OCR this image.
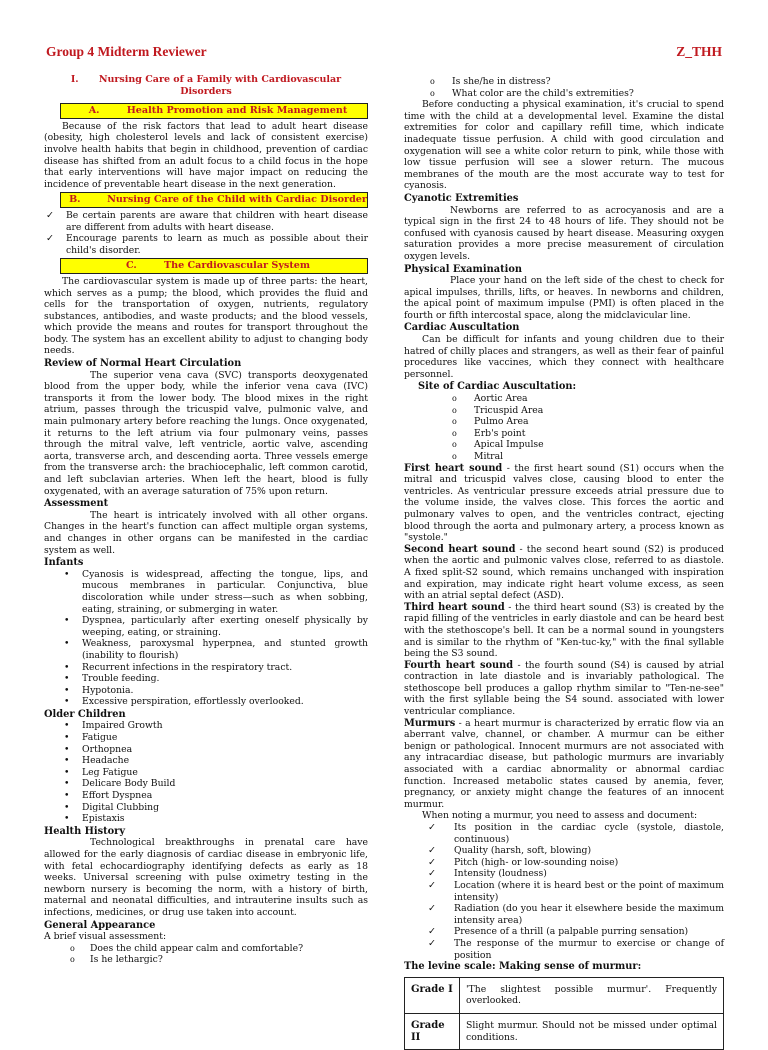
Group 4 Midterm Reviewer	Z_THH

I. Nursing Care of a Family with Cardiovascular Disorders

A.	Health Promotion and Risk Management

Because of the risk factors that lead to adult heart disease (obesity, high cholesterol levels and lack of consistent exercise) involve health habits that begin in childhood, prevention of cardiac disease has shifted from an adult focus to a child focus in the hope that early interventions will have major impact on reducing the incidence of preventable heart disease in the next generation.

B.	Nursing Care of the Child with Cardiac Disorder
✓ Be certain parents are aware that children with heart disease are different from adults with heart disease.
✓ Encourage parents to learn as much as possible about their child's disorder.
C.	The Cardiovascular System

The cardiovascular system is made up of three parts: the heart, which serves as a pump; the blood, which provides the fluid and cells for the transportation of oxygen, nutrients, regulatory substances, antibodies, and waste products; and the blood vessels, which provide the means and routes for transport throughout the body. The system has an excellent ability to adjust to changing body needs.

Review of Normal Heart Circulation

The superior vena cava (SVC) transports deoxygenated blood from the upper body, while the inferior vena cava (IVC) transports it from the lower body. The blood mixes in the right atrium, passes through the tricuspid valve, pulmonic valve, and main pulmonary artery before reaching the lungs. Once oxygenated, it returns to the left atrium via four pulmonary veins, passes through the mitral valve, left ventricle, aortic valve, ascending aorta, transverse arch, and descending aorta. Three vessels emerge from the transverse arch: the brachiocephalic, left common carotid, and left subclavian arteries. When left the heart, blood is fully oxygenated, with an average saturation of 75% upon return.

Assessment

The heart is intricately involved with all other organs. Changes in the heart's function can affect multiple organ systems, and changes in other organs can be manifested in the cardiac system as well.

Infants

• Cyanosis is widespread, affecting the tongue, lips, and mucous membranes in particular. Conjunctiva, blue discoloration while under stress—such as when sobbing, eating, straining, or submerging in water.
• Dyspnea, particularly after exerting oneself physically by weeping, eating, or straining.
• Weakness, paroxysmal hyperpnea, and stunted growth (inability to flourish)
• Recurrent infections in the respiratory tract.
• Trouble feeding.
• Hypotonia.
• Excessive perspiration, effortlessly overlooked.

Older Children

• Impaired Growth
• Fatigue
• Orthopnea
• Headache
• Leg Fatigue
• Delicare Body Build
• Effort Dyspnea
• Digital Clubbing
• Epistaxis

Health History

Technological breakthroughs in prenatal care have allowed for the early diagnosis of cardiac disease in embryonic life, with fetal echocardiography identifying defects as early as 18 weeks. Universal screening with pulse oximetry testing in the newborn nursery is becoming the norm, with a history of birth, maternal and neonatal difficulties, and intrauterine insults such as infections, medicines, or drug use taken into account.

General Appearance

A brief visual assessment:

o Does the child appear calm and comfortable?
o Is he lethargic?
o Is she/he in distress?
o What color are the child's extremities?

Before conducting a physical examination, it's crucial to spend time with the child at a developmental level. Examine the distal extremities for color and capillary refill time, which indicate inadequate tissue perfusion. A child with good circulation and oxygenation will see a white color return to pink, while those with low tissue perfusion will see a slower return. The mucous membranes of the mouth are the most accurate way to test for cyanosis.

Cyanotic Extremities

Newborns are referred to as acrocyanosis and are a typical sign in the first 24 to 48 hours of life. They should not be confused with cyanosis caused by heart disease. Measuring oxygen saturation provides a more precise measurement of circulation oxygen levels.

Physical Examination

Place your hand on the left side of the chest to check for apical impulses, thrills, lifts, or heaves. In newborns and children, the apical point of maximum impulse (PMI) is often placed in the fourth or fifth intercostal space, along the midclavicular line.

Cardiac Auscultation

Can be difficult for infants and young children due to their hatred of chilly places and strangers, as well as their fear of painful procedures like vaccines, which they connect with healthcare personnel.

Site of Cardiac Auscultation:

o Aortic Area
o Tricuspid Area
o Pulmo Area
o Erb's point
o Apical Impulse
o Mitral

First heart sound - the first heart sound (S1) occurs when the mitral and tricuspid valves close, causing blood to enter the ventricles. As ventricular pressure exceeds atrial pressure due to the volume inside, the valves close. This forces the aortic and pulmonary valves to open, and the ventricles contract, ejecting blood through the aorta and pulmonary artery, a process known as "systole."

Second heart sound - the second heart sound (S2) is produced when the aortic and pulmonic valves close, referred to as diastole. A fixed split-S2 sound, which remains unchanged with inspiration and expiration, may indicate right heart volume excess, as seen with an atrial septal defect (ASD).

Third heart sound - the third heart sound (S3) is created by the rapid filling of the ventricles in early diastole and can be heard best with the stethoscope's bell. It can be a normal sound in youngsters and is similar to the rhythm of "Ken-tuc-ky," with the final syllable being the S3 sound.

Fourth heart sound - the fourth sound (S4) is caused by atrial contraction in late diastole and is invariably pathological. The stethoscope bell produces a gallop rhythm similar to "Ten-ne-see" with the first syllable being the S4 sound. associated with lower ventricular compliance.

Murmurs - a heart murmur is characterized by erratic flow via an aberrant valve, channel, or chamber. A murmur can be either benign or pathological. Innocent murmurs are not associated with any intracardiac disease, but pathologic murmurs are invariably associated with a cardiac abnormality or abnormal cardiac function. Increased metabolic states caused by anemia, fever, pregnancy, or anxiety might change the features of an innocent murmur.

When noting a murmur, you need to assess and document:

✓ Its position in the cardiac cycle (systole, diastole, continuous)
✓ Quality (harsh, soft, blowing)
✓ Pitch (high- or low-sounding noise)
✓ Intensity (loudness)
✓ Location (where it is heard best or the point of maximum intensity)
✓ Radiation (do you hear it elsewhere beside the maximum intensity area)
✓ Presence of a thrill (a palpable purring sensation)
✓ The response of the murmur to exercise or change of position

The levine scale: Making sense of murmur:

Grade I	'The slightest possible murmur'. Frequently overlooked.
Grade II	Slight murmur. Should not be missed under optimal conditions.
